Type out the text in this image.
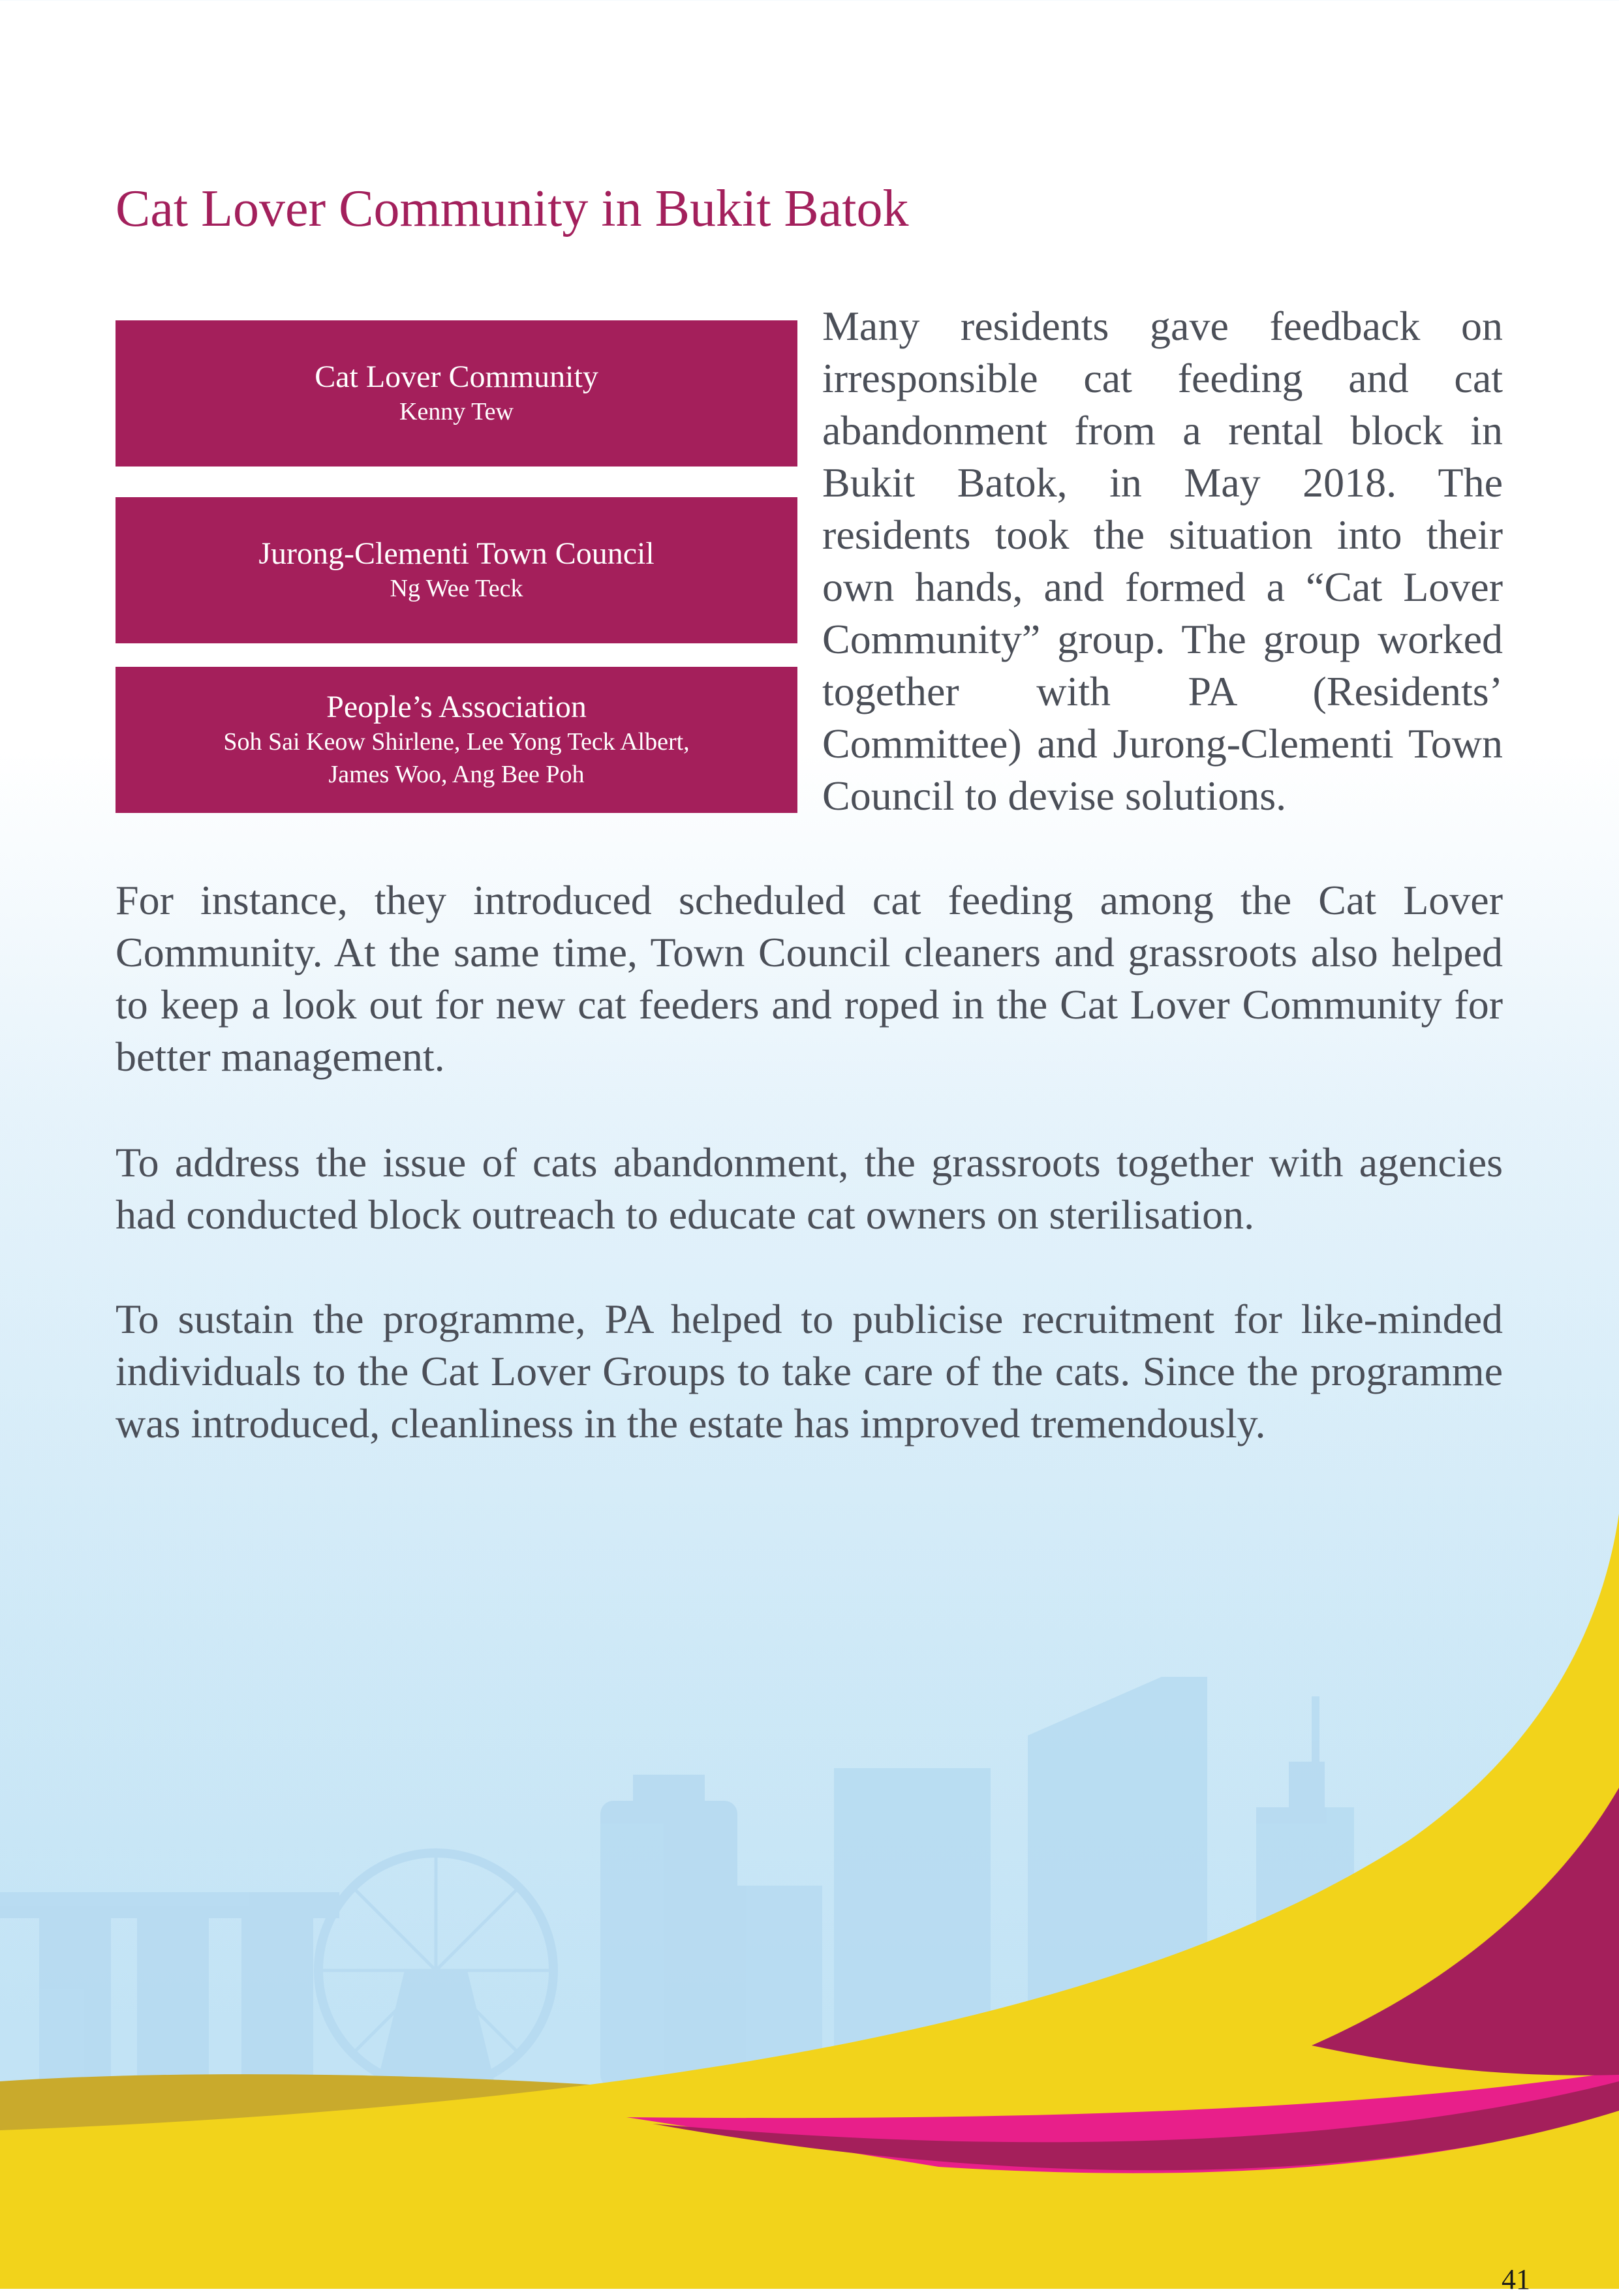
Cat Lover Community in Bukit Batok
Cat Lover Community
Kenny Tew
Jurong-Clementi Town Council
Ng Wee Teck
People’s Association
Soh Sai Keow Shirlene, Lee Yong Teck Albert,
James Woo, Ang Bee Poh

Many residents gave feedback on irresponsible cat feeding and cat abandonment from a rental block in Bukit Batok, in May 2018. The residents took the situation into their own hands, and formed a “Cat Lover Community” group. The group worked together with PA (Residents’ Committee) and Jurong-Clementi Town Council to devise solutions.

For instance, they introduced scheduled cat feeding among the Cat Lover Community. At the same time, Town Council cleaners and grassroots also helped to keep a look out for new cat feeders and roped in the Cat Lover Community for better management.

To address the issue of cats abandonment, the grassroots together with agencies had conducted block outreach to educate cat owners on sterilisation.

To sustain the programme, PA helped to publicise recruitment for like-minded individuals to the Cat Lover Groups to take care of the cats. Since the programme was introduced, cleanliness in the estate has improved tremendously.

41
